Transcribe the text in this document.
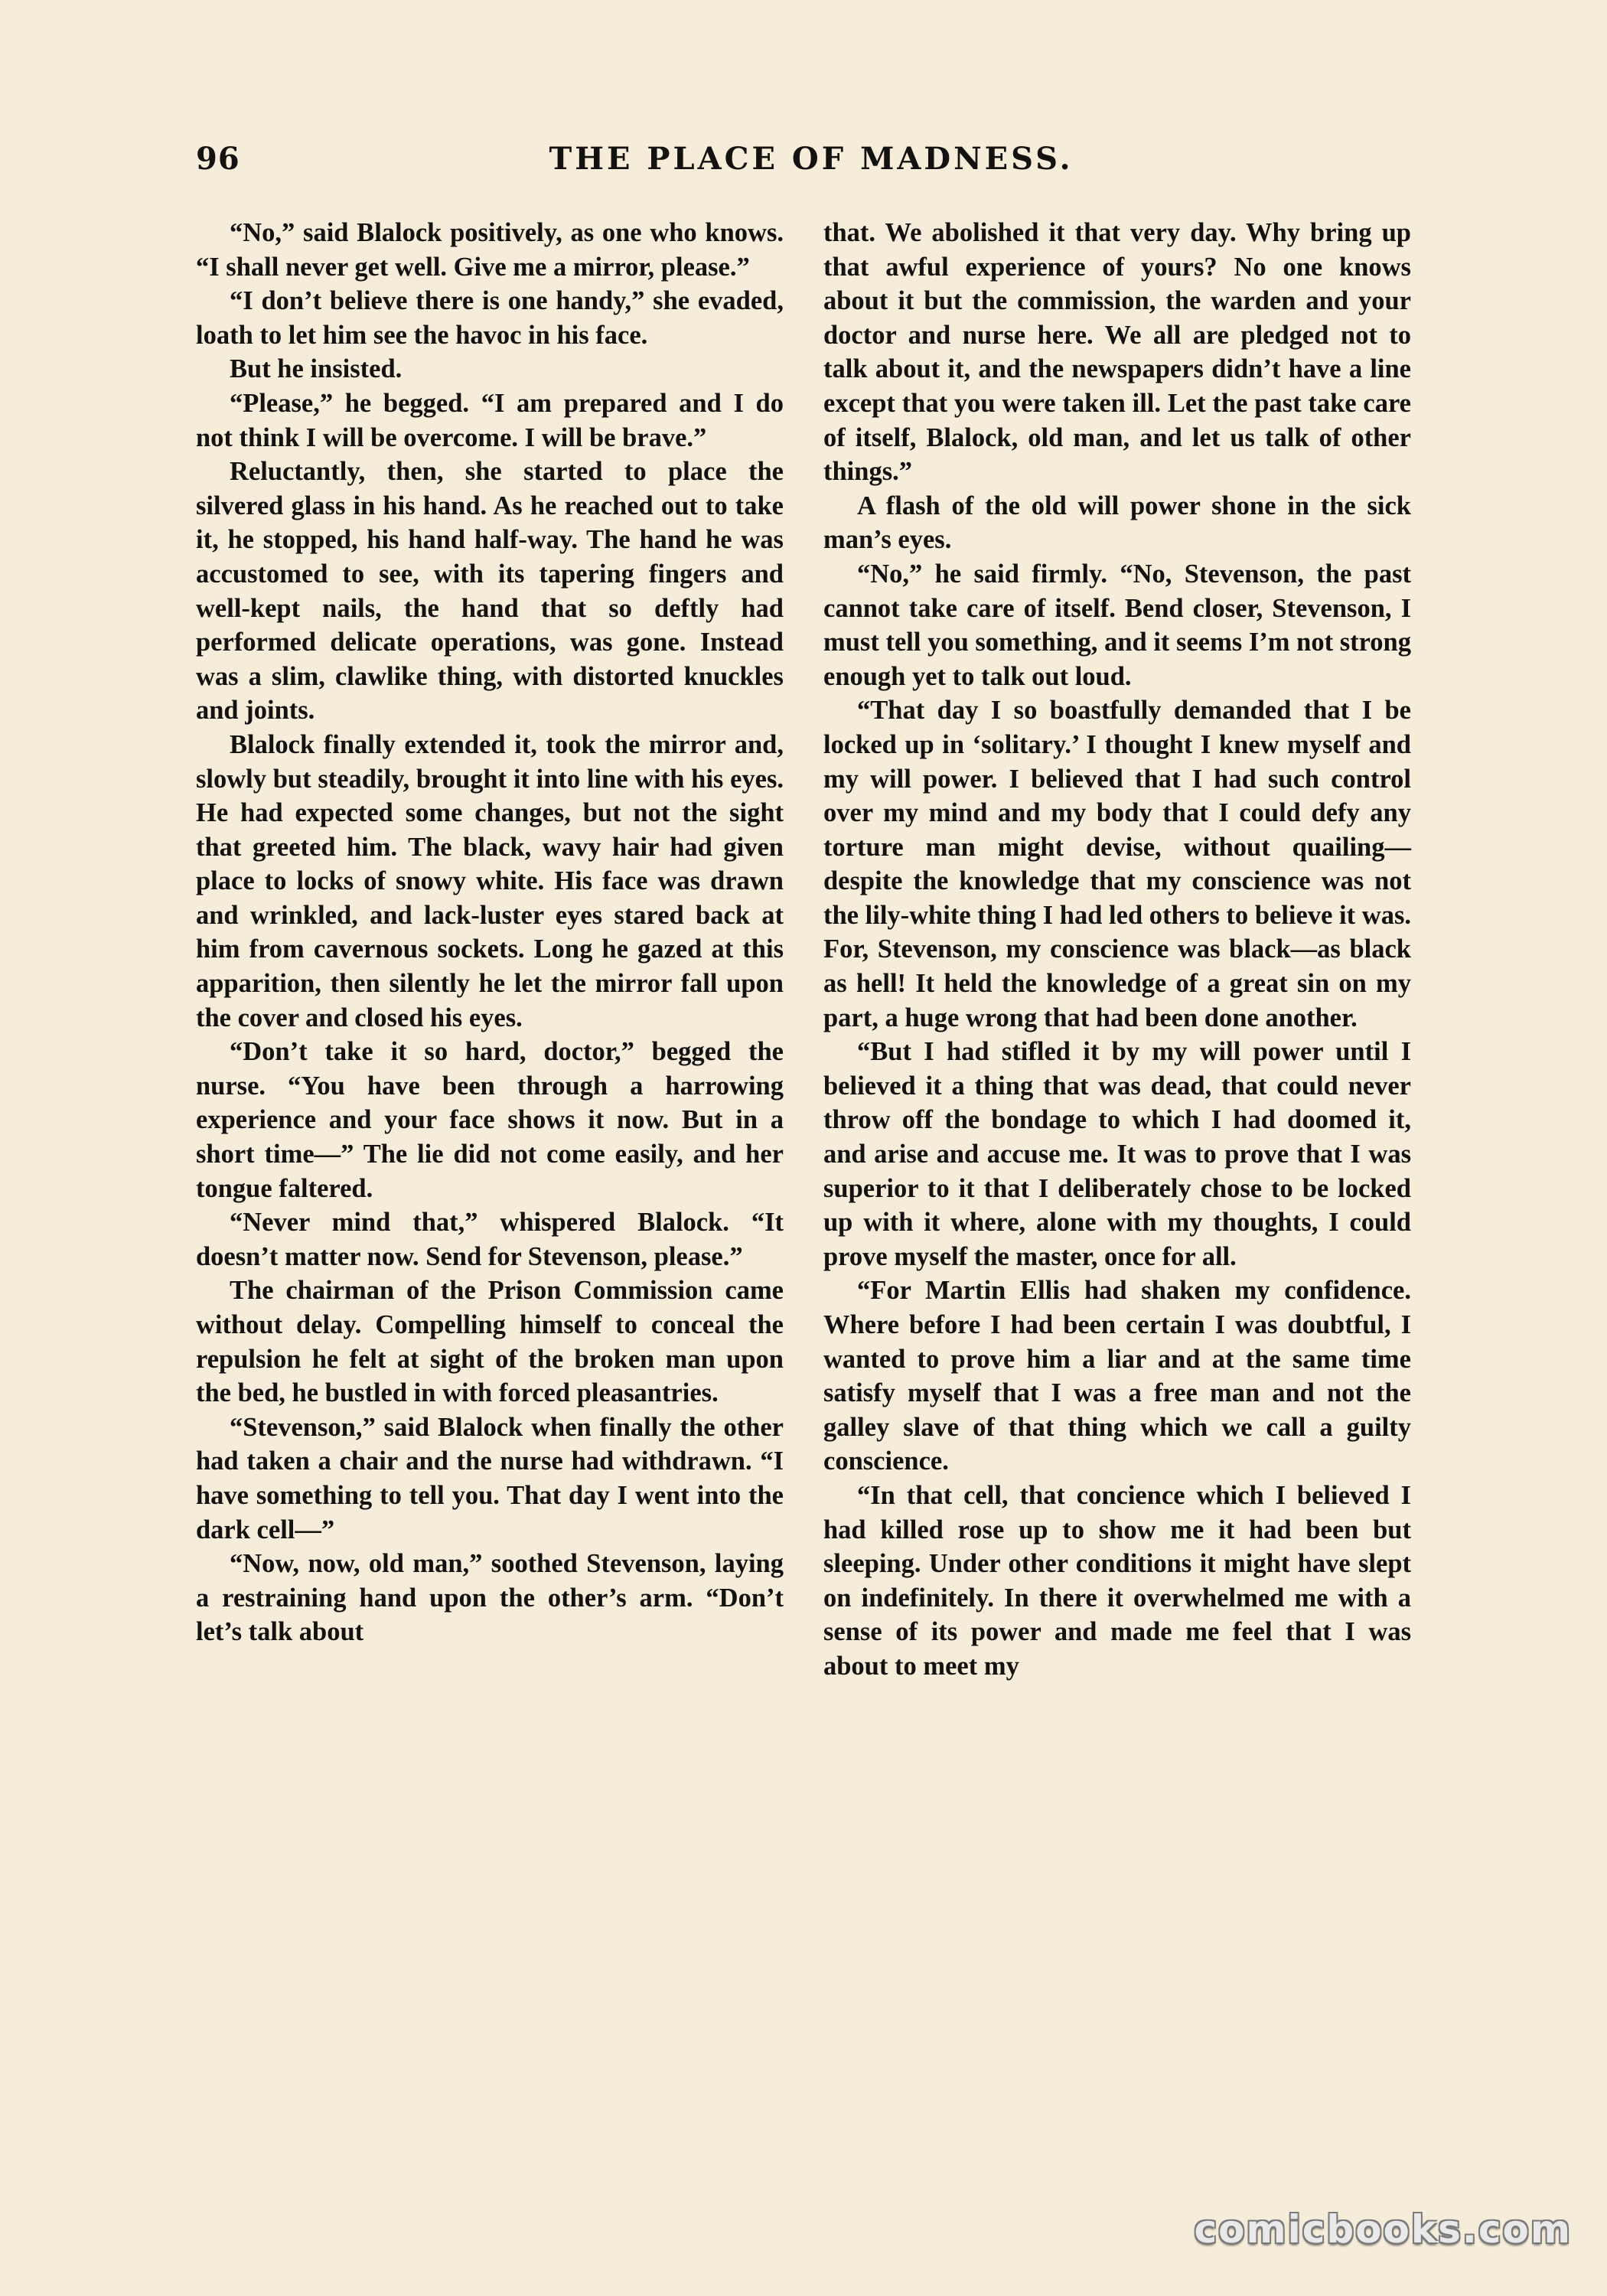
96	THE PLACE OF MADNESS.

“No,” said Blalock positively, as one who knows. “I shall never get well. Give me a mirror, please.”

“I don’t believe there is one handy,” she evaded, loath to let him see the havoc in his face.

But he insisted.

“Please,” he begged. “I am prepared and I do not think I will be overcome. I will be brave.”

Reluctantly, then, she started to place the silvered glass in his hand. As he reached out to take it, he stopped, his hand half-way. The hand he was accustomed to see, with its tapering fingers and well-kept nails, the hand that so deftly had performed delicate operations, was gone. Instead was a slim, clawlike thing, with distorted knuckles and joints.

Blalock finally extended it, took the mirror and, slowly but steadily, brought it into line with his eyes. He had expected some changes, but not the sight that greeted him. The black, wavy hair had given place to locks of snowy white. His face was drawn and wrinkled, and lack-luster eyes stared back at him from cavernous sockets. Long he gazed at this apparition, then silently he let the mirror fall upon the cover and closed his eyes.

“Don’t take it so hard, doctor,” begged the nurse. “You have been through a harrowing experience and your face shows it now. But in a short time—” The lie did not come easily, and her tongue faltered.

“Never mind that,” whispered Blalock. “It doesn’t matter now. Send for Stevenson, please.”

The chairman of the Prison Commission came without delay. Compelling himself to conceal the repulsion he felt at sight of the broken man upon the bed, he bustled in with forced pleasantries.

“Stevenson,” said Blalock when finally the other had taken a chair and the nurse had withdrawn. “I have something to tell you. That day I went into the dark cell—”

“Now, now, old man,” soothed Stevenson, laying a restraining hand upon the other’s arm. “Don’t let’s talk about

that. We abolished it that very day. Why bring up that awful experience of yours? No one knows about it but the commission, the warden and your doctor and nurse here. We all are pledged not to talk about it, and the newspapers didn’t have a line except that you were taken ill. Let the past take care of itself, Blalock, old man, and let us talk of other things.”

A flash of the old will power shone in the sick man’s eyes.

“No,” he said firmly. “No, Stevenson, the past cannot take care of itself. Bend closer, Stevenson, I must tell you something, and it seems I’m not strong enough yet to talk out loud.

“That day I so boastfully demanded that I be locked up in ‘solitary.’ I thought I knew myself and my will power. I believed that I had such control over my mind and my body that I could defy any torture man might devise, without quailing—despite the knowledge that my conscience was not the lily-white thing I had led others to believe it was. For, Stevenson, my conscience was black—as black as hell! It held the knowledge of a great sin on my part, a huge wrong that had been done another.

“But I had stifled it by my will power until I believed it a thing that was dead, that could never throw off the bondage to which I had doomed it, and arise and accuse me. It was to prove that I was superior to it that I deliberately chose to be locked up with it where, alone with my thoughts, I could prove myself the master, once for all.

“For Martin Ellis had shaken my confidence. Where before I had been certain I was doubtful, I wanted to prove him a liar and at the same time satisfy myself that I was a free man and not the galley slave of that thing which we call a guilty conscience.

“In that cell, that concience which I believed I had killed rose up to show me it had been but sleeping. Under other conditions it might have slept on indefinitely. In there it overwhelmed me with a sense of its power and made me feel that I was about to meet my

comicbooks.com
